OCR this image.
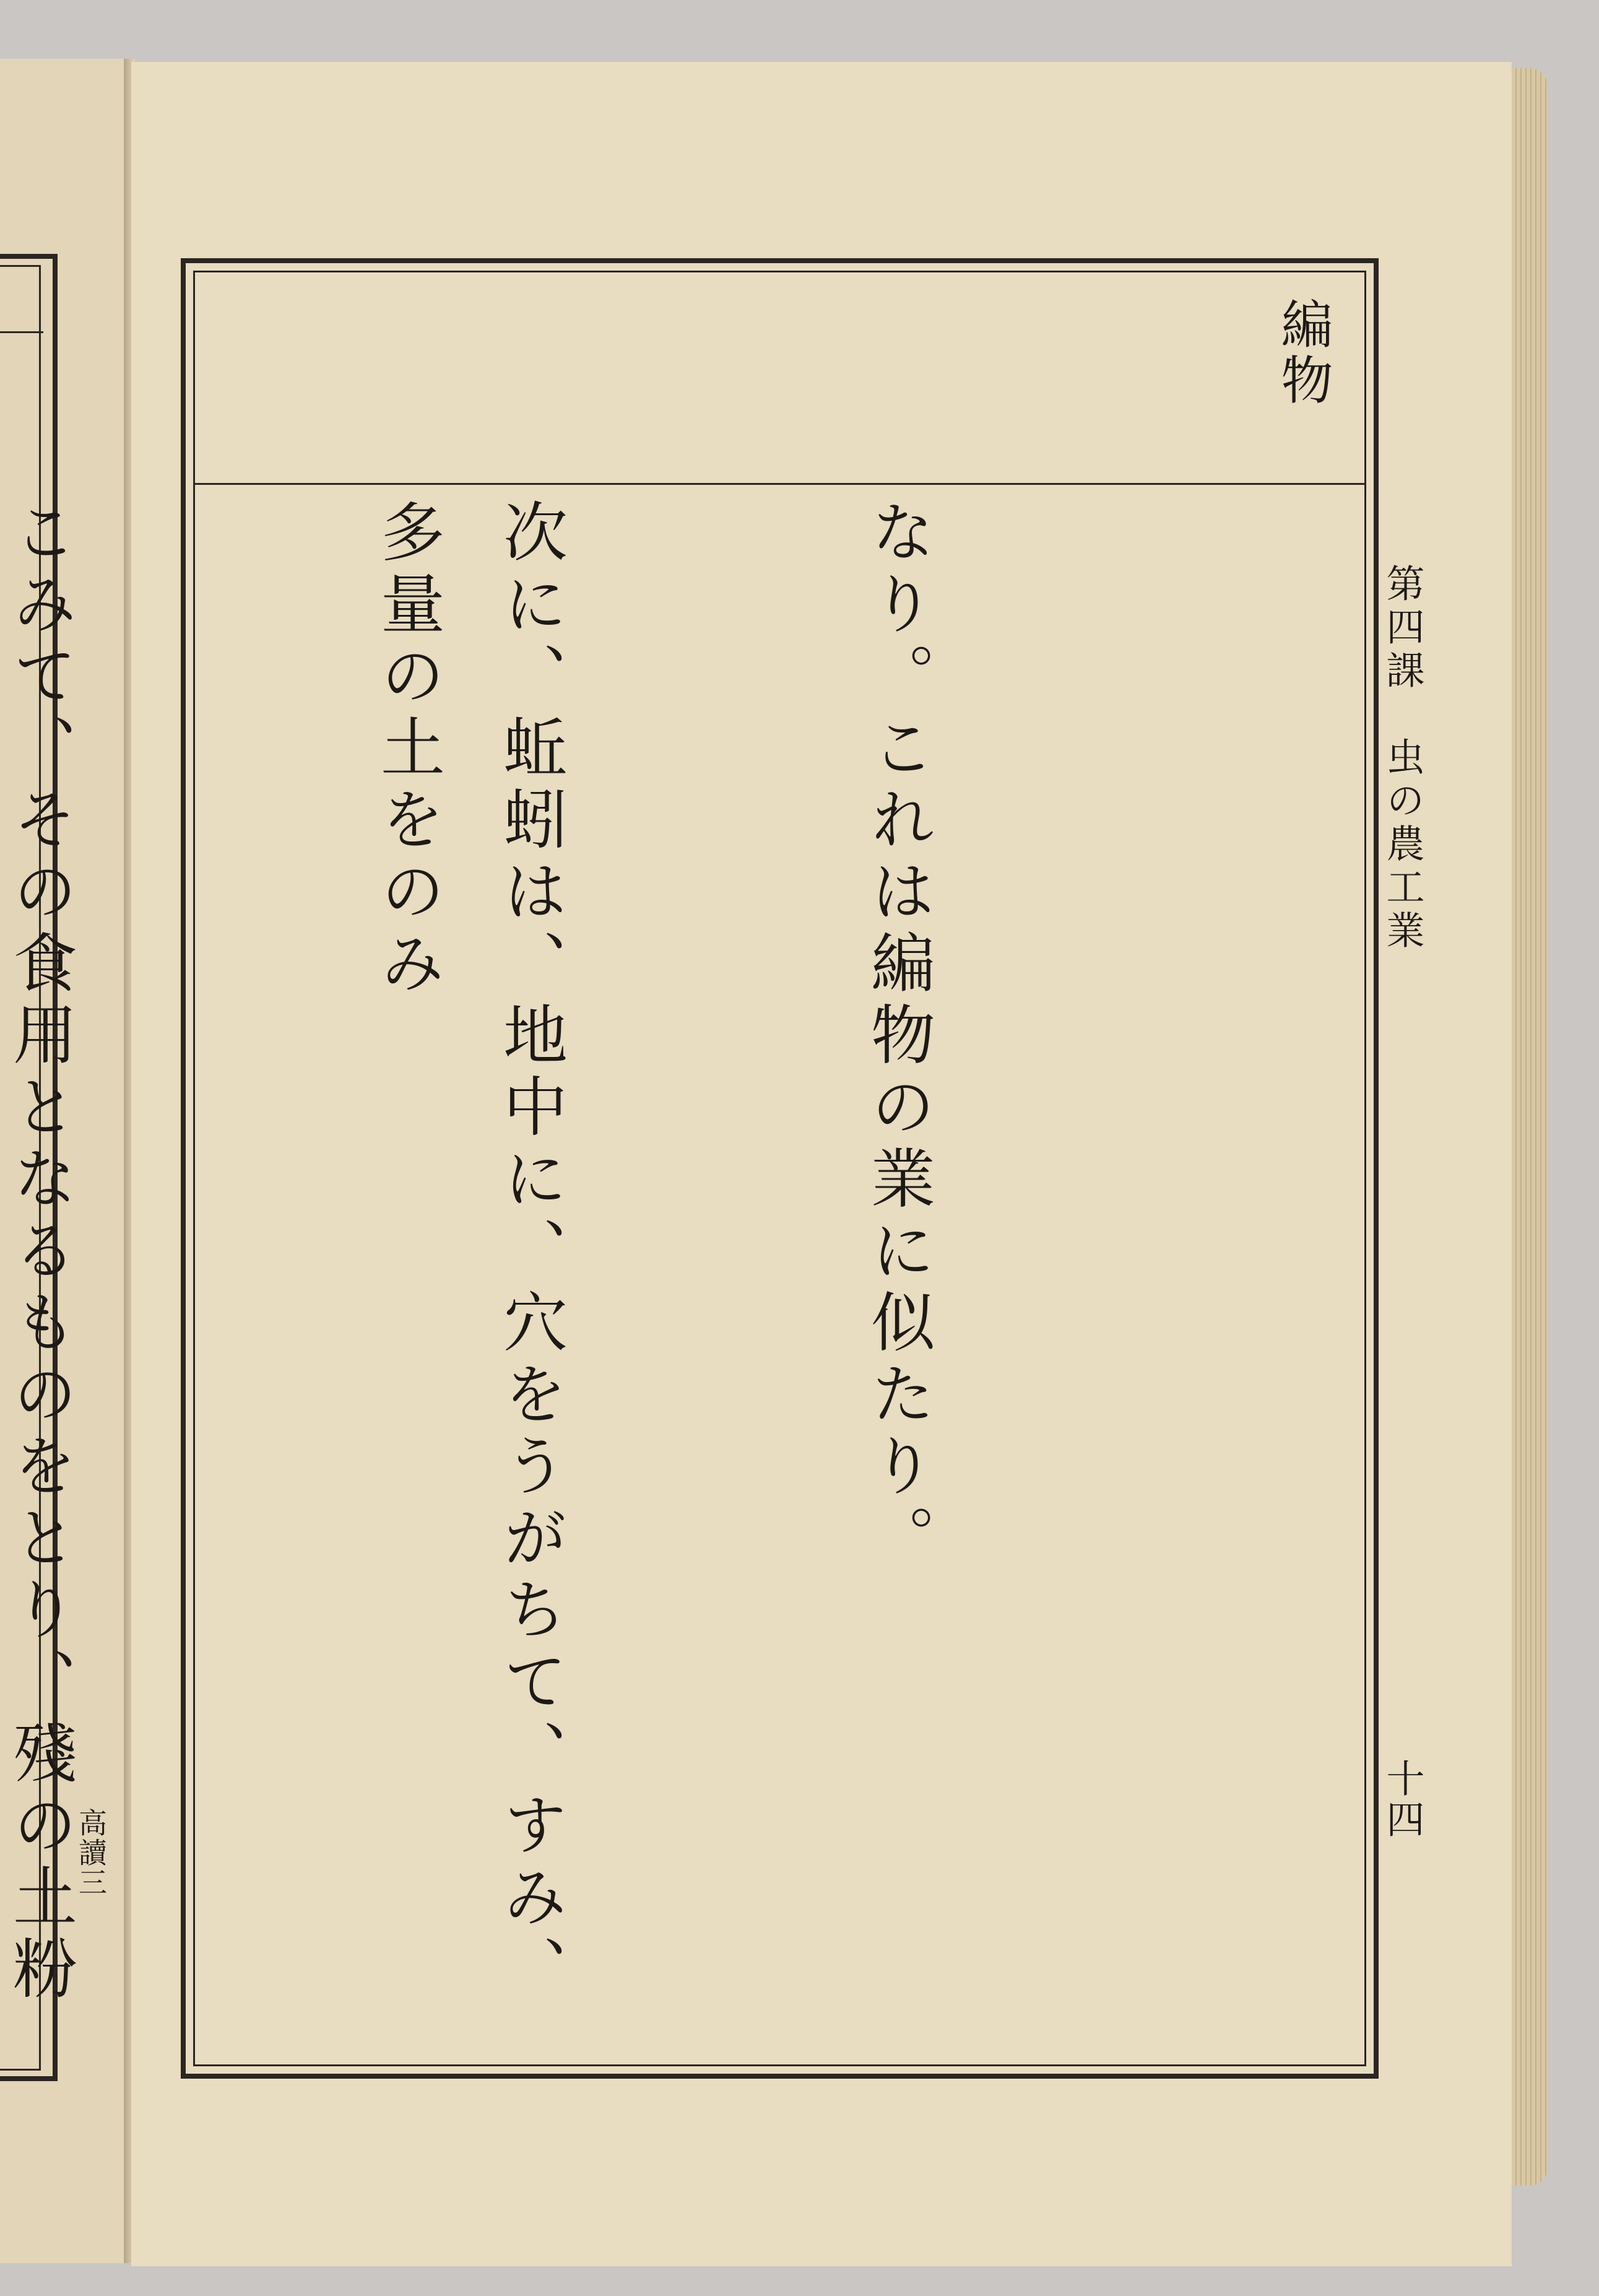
高讀三
編物

なり。これは編物の業に似たり。

次に、蚯蚓は、地中に、穴をうがちて、すみ、多量の土をのみ

こみて、その食用となるものをとり、殘の土粉

第四課　虫の農工業
十四
